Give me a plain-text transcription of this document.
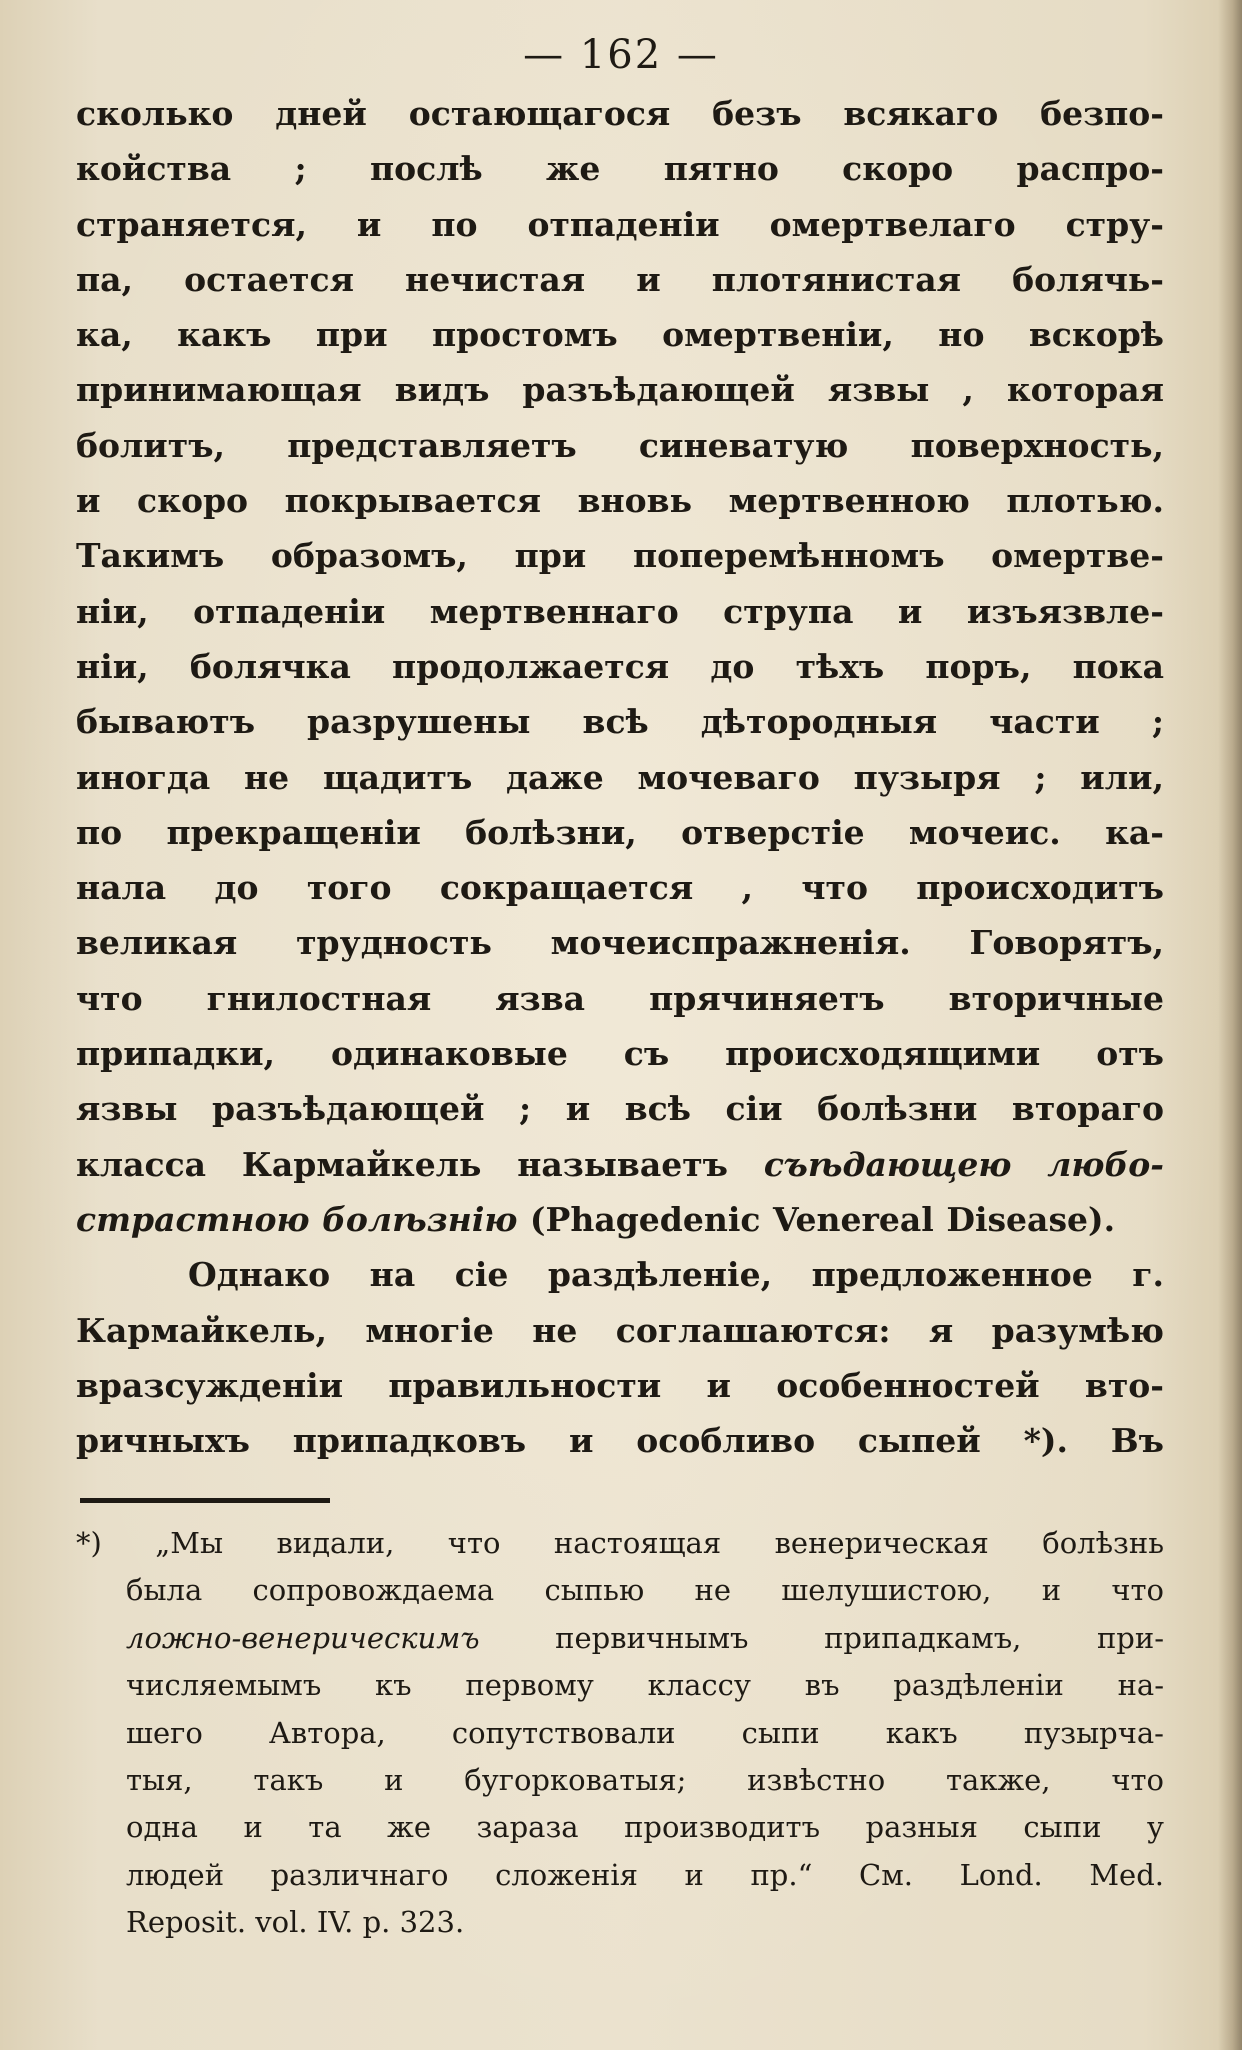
— 162 —
сколько дней остающагося безъ всякаго безпо-
койства ; послѣ же пятно скоро распро-
страняется, и по отпаденіи омертвелаго стру-
па, остается нечистая и плотянистая болячь-
ка, какъ при простомъ омертвеніи, но вскорѣ
принимающая видъ разъѣдающей язвы , которая
болитъ, представляетъ синеватую поверхность,
и скоро покрывается вновь мертвенною плотью.
Такимъ образомъ, при поперемѣнномъ омертве-
ніи, отпаденіи мертвеннаго струпа и изъязвле-
ніи, болячка продолжается до тѣхъ поръ, пока
бываютъ разрушены всѣ дѣтородныя части ;
иногда не щадитъ даже мочеваго пузыря ; или,
по прекращеніи болѣзни, отверстіе мочеис. ка-
нала до того сокращается , что происходитъ
великая трудность мочеиспражненія. Говорятъ,
что гнилостная язва прячиняетъ вторичные
припадки, одинаковые съ происходящими отъ
язвы разъѣдающей ; и всѣ сіи болѣзни втораго
класса Кармайкель называетъ съѣдающею любо-
страстною болѣзнію (Phagedenic Venereal Disease).
Однако на сіе раздѣленіе, предложенное г.
Кармайкель, многіе не соглашаются: я разумѣю
вразсужденіи правильности и особенностей вто-
ричныхъ припадковъ и особливо сыпей *). Въ
*) „Мы видали, что настоящая венерическая болѣзнь
была сопровождаема сыпью не шелушистою, и что
ложно-венерическимъ первичнымъ припадкамъ, при-
числяемымъ къ первому классу въ раздѣленіи на-
шего Автора, сопутствовали сыпи какъ пузырча-
тыя, такъ и бугорковатыя; извѣстно также, что
одна и та же зараза производитъ разныя сыпи у
людей различнаго сложенія и пр.“ См. Lond. Med.
Reposit. vol. IV. p. 323.
